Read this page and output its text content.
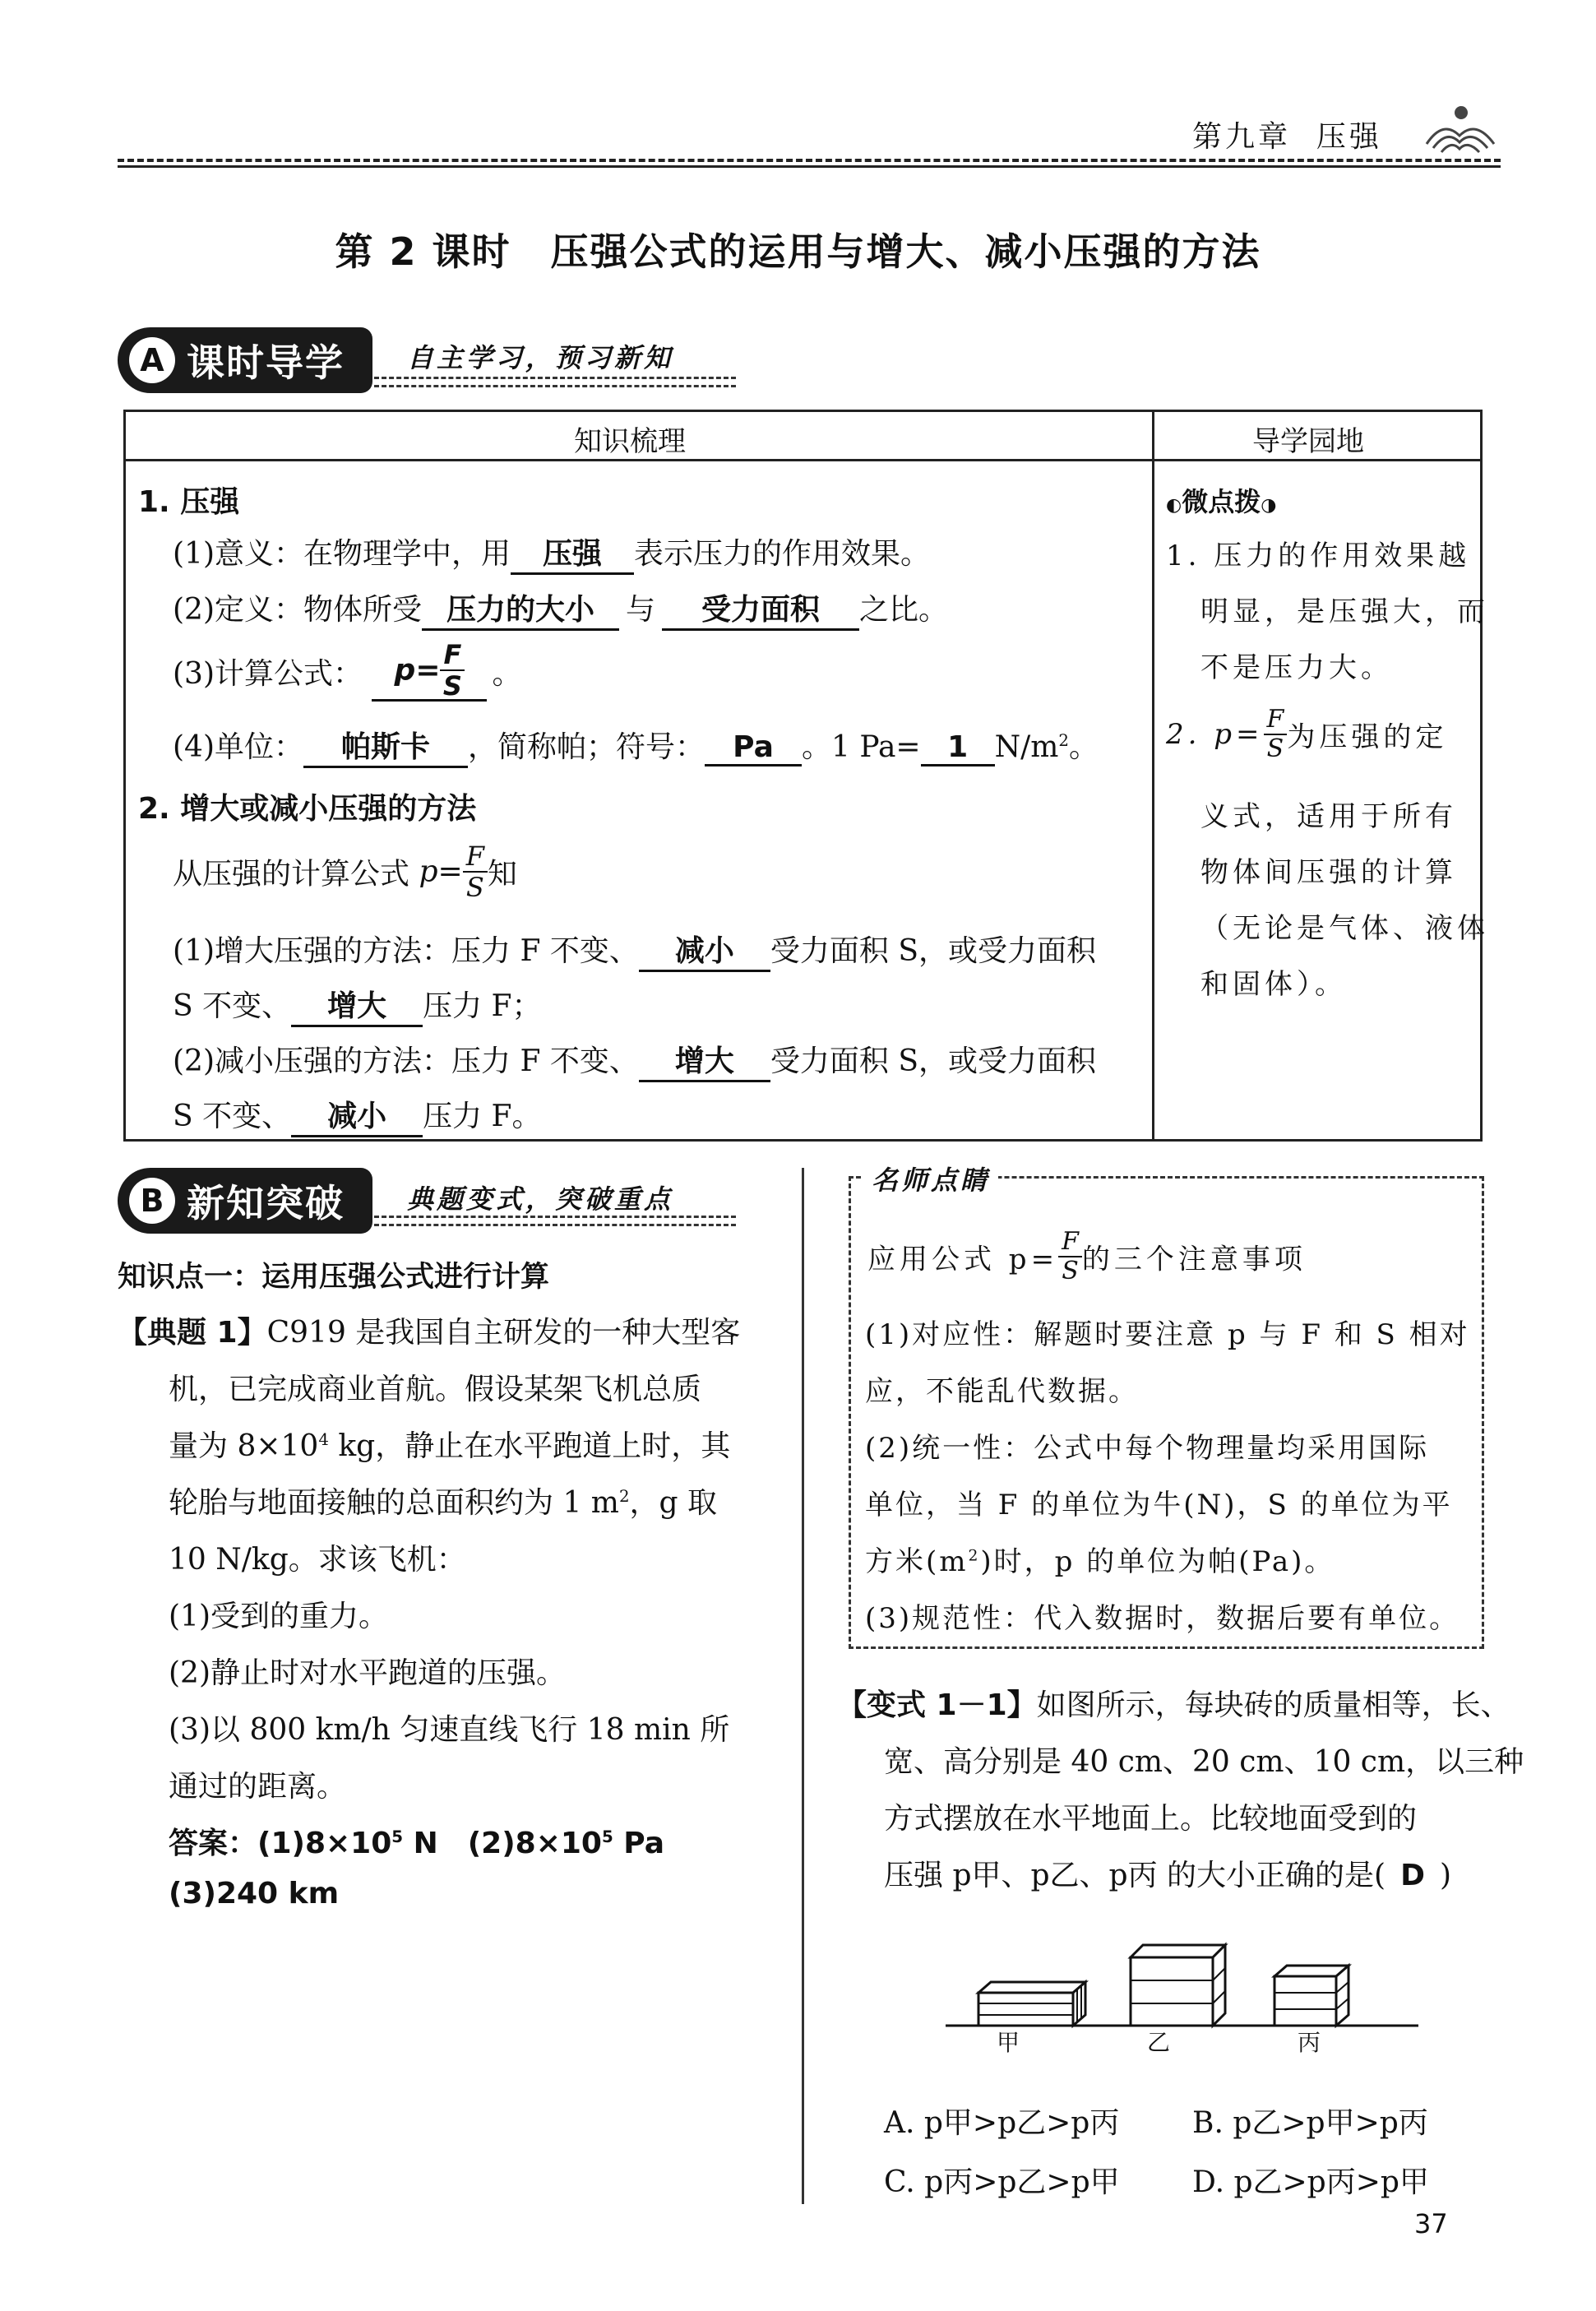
第九章 压强
第 2 课时　压强公式的运用与增大、减小压强的方法
A 课时导学 自主学习，预习新知
知识梳理	导学园地
1. 压强
(1)意义：在物理学中，用 压强 表示压力的作用效果。
(2)定义：物体所受 压力的大小 与 受力面积 之比。
(3)计算公式： $p= \frac{F}{S}$ 。
(4)单位： 帕斯卡 ，简称帕；符号： Pa 。1 Pa= 1 $N/m^2$。
2. 增大或减小压强的方法
从压强的计算公式 $p= \frac{F}{S}$ 知
(1)增大压强的方法：压力 F 不变、 减小 受力面积 S，或受力面积
S 不变、 增大 压力 F；
(2)减小压强的方法：压力 F 不变、 增大 受力面积 S，或受力面积
S 不变、 减小 压力 F。
◐微点拨◑
1. 压力的作用效果越
明显，是压强大，而
不是压力大。
2. $p= \frac{F}{S}$ 为压强的定
义式，适用于所有
物体间压强的计算
（无论是气体、液体
和固体）。
B 新知突破 典题变式，突破重点
知识点一：运用压强公式进行计算
【典题 1】C919 是我国自主研发的一种大型客
机，已完成商业首航。假设某架飞机总质
量为 $8\times 10^4$ kg，静止在水平跑道上时，其
轮胎与地面接触的总面积约为 1 $m^2$，g 取
10 N/kg。求该飞机：
(1)受到的重力。
(2)静止时对水平跑道的压强。
(3)以 800 km/h 匀速直线飞行 18 min 所
通过的距离。
答案：$(1)8\times 10^5$ N　$(2)8\times 10^5$ Pa
(3)240 km
名师点睛
应用公式 $p= \frac{F}{S}$ 的三个注意事项
(1)对应性：解题时要注意 p 与 F 和 S 相对
应，不能乱代数据。
(2)统一性：公式中每个物理量均采用国际
单位，当 F 的单位为牛(N)，S 的单位为平
方米$(m^2)$时，p 的单位为帕(Pa)。
(3)规范性：代入数据时，数据后要有单位。
【变式 1－1】如图所示，每块砖的质量相等，长、
宽、高分别是 40 cm、20 cm、10 cm，以三种
方式摆放在水平地面上。比较地面受到的
压强 p甲、p乙、p丙 的大小正确的是( D )
甲	乙	丙
A. p甲>p乙>p丙 B. p乙>p甲>p丙
C. p丙>p乙>p甲 D. p乙>p丙>p甲
37
